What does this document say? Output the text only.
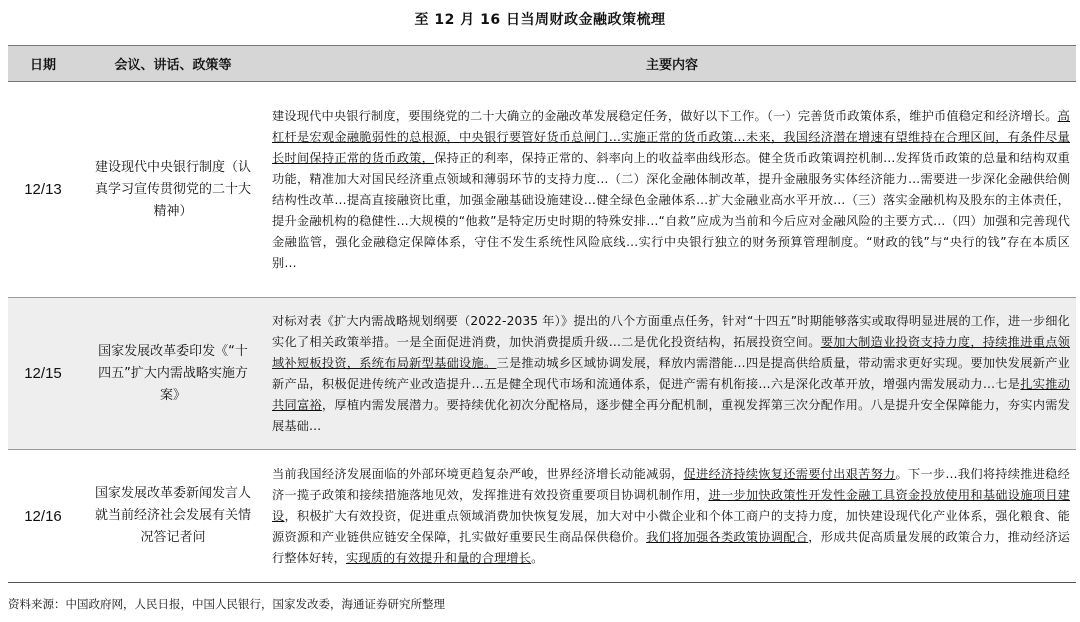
至 12 月 16 日当周财政金融政策梳理
日期	会议、讲话、政策等	主要内容
12/13	建设现代中央银行制度（认真学习宣传贯彻党的二十大精神）	建设现代中央银行制度，要围绕党的二十大确立的金融改革发展稳定任务，做好以下工作。（一）完善货币政策体系，维护币值稳定和经济增长。高杠杆是宏观金融脆弱性的总根源，中央银行要管好货币总闸门…实施正常的货币政策…未来，我国经济潜在增速有望维持在合理区间，有条件尽量长时间保持正常的货币政策，保持正的利率，保持正常的、斜率向上的收益率曲线形态。健全货币政策调控机制…发挥货币政策的总量和结构双重功能，精准加大对国民经济重点领域和薄弱环节的支持力度…（二）深化金融体制改革，提升金融服务实体经济能力…需要进一步深化金融供给侧结构性改革…提高直接融资比重，加强金融基础设施建设…健全绿色金融体系…扩大金融业高水平开放…（三）落实金融机构及股东的主体责任，提升金融机构的稳健性…大规模的“他救”是特定历史时期的特殊安排…“自救”应成为当前和今后应对金融风险的主要方式…（四）加强和完善现代金融监管，强化金融稳定保障体系，守住不发生系统性风险底线…实行中央银行独立的财务预算管理制度。“财政的钱”与“央行的钱”存在本质区别…
12/15	国家发展改革委印发《“十四五”扩大内需战略实施方案》	对标对表《扩大内需战略规划纲要（2022-2035 年）》提出的八个方面重点任务，针对“十四五”时期能够落实或取得明显进展的工作，进一步细化实化了相关政策举措。一是全面促进消费，加快消费提质升级…二是优化投资结构，拓展投资空间。要加大制造业投资支持力度，持续推进重点领域补短板投资，系统布局新型基础设施。三是推动城乡区域协调发展，释放内需潜能…四是提高供给质量，带动需求更好实现。要加快发展新产业新产品，积极促进传统产业改造提升…五是健全现代市场和流通体系，促进产需有机衔接…六是深化改革开放，增强内需发展动力…七是扎实推动共同富裕，厚植内需发展潜力。要持续优化初次分配格局，逐步健全再分配机制，重视发挥第三次分配作用。八是提升安全保障能力，夯实内需发展基础…
12/16	国家发展改革委新闻发言人就当前经济社会发展有关情况答记者问	当前我国经济发展面临的外部环境更趋复杂严峻，世界经济增长动能减弱，促进经济持续恢复还需要付出艰苦努力。下一步…我们将持续推进稳经济一揽子政策和接续措施落地见效，发挥推进有效投资重要项目协调机制作用，进一步加快政策性开发性金融工具资金投放使用和基础设施项目建设，积极扩大有效投资，促进重点领域消费加快恢复发展，加大对中小微企业和个体工商户的支持力度，加快建设现代化产业体系，强化粮食、能源资源和产业链供应链安全保障，扎实做好重要民生商品保供稳价。我们将加强各类政策协调配合，形成共促高质量发展的政策合力，推动经济运行整体好转，实现质的有效提升和量的合理增长。
资料来源：中国政府网，人民日报，中国人民银行，国家发改委，海通证券研究所整理
